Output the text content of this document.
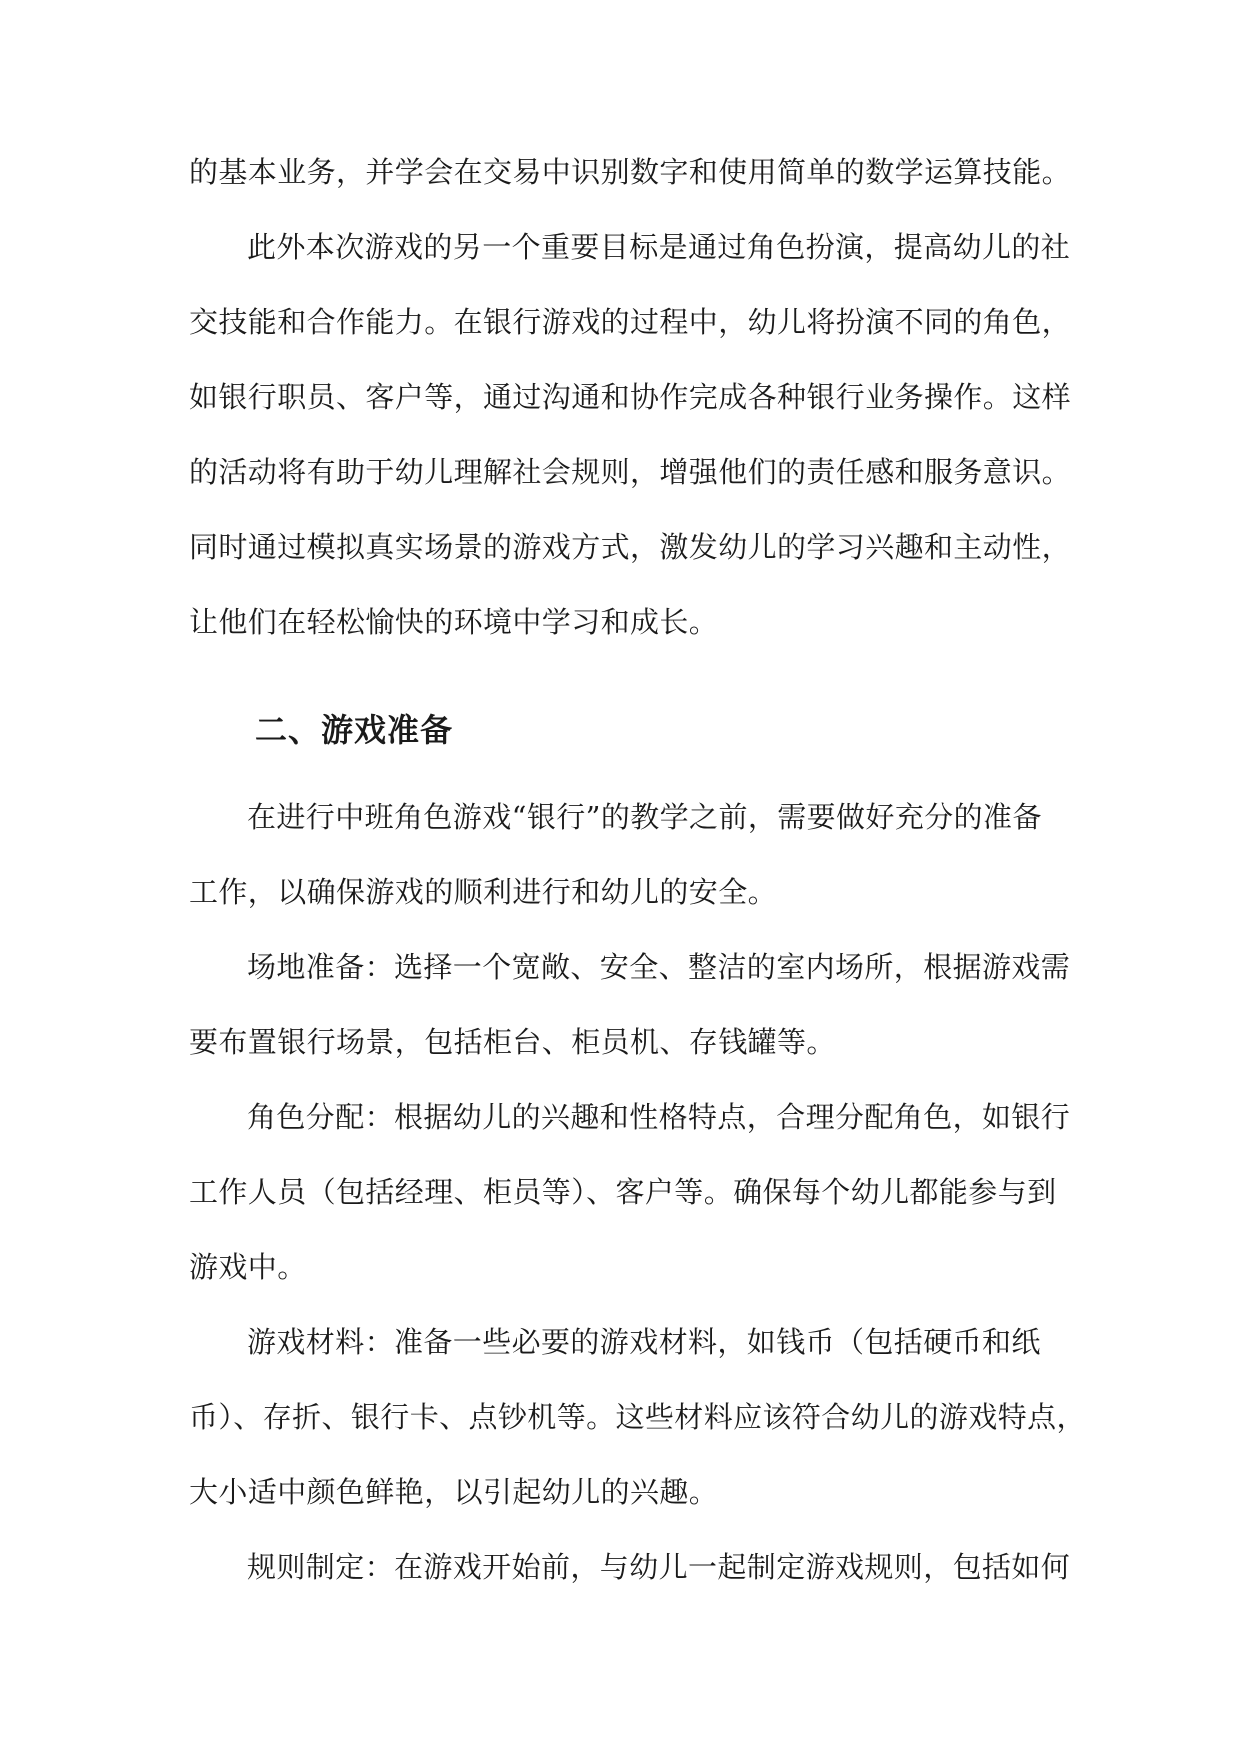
的基本业务，并学会在交易中识别数字和使用简单的数学运算技能。
此外本次游戏的另一个重要目标是通过角色扮演，提高幼儿的社
交技能和合作能力。在银行游戏的过程中，幼儿将扮演不同的角色，
如银行职员、客户等，通过沟通和协作完成各种银行业务操作。这样
的活动将有助于幼儿理解社会规则，增强他们的责任感和服务意识。
同时通过模拟真实场景的游戏方式，激发幼儿的学习兴趣和主动性，
让他们在轻松愉快的环境中学习和成长。
二、游戏准备
在进行中班角色游戏“银行”的教学之前，需要做好充分的准备
工作，以确保游戏的顺利进行和幼儿的安全。
场地准备：选择一个宽敞、安全、整洁的室内场所，根据游戏需
要布置银行场景，包括柜台、柜员机、存钱罐等。
角色分配：根据幼儿的兴趣和性格特点，合理分配角色，如银行
工作人员（包括经理、柜员等）、客户等。确保每个幼儿都能参与到
游戏中。
游戏材料：准备一些必要的游戏材料，如钱币（包括硬币和纸
币）、存折、银行卡、点钞机等。这些材料应该符合幼儿的游戏特点，
大小适中颜色鲜艳，以引起幼儿的兴趣。
规则制定：在游戏开始前，与幼儿一起制定游戏规则，包括如何
